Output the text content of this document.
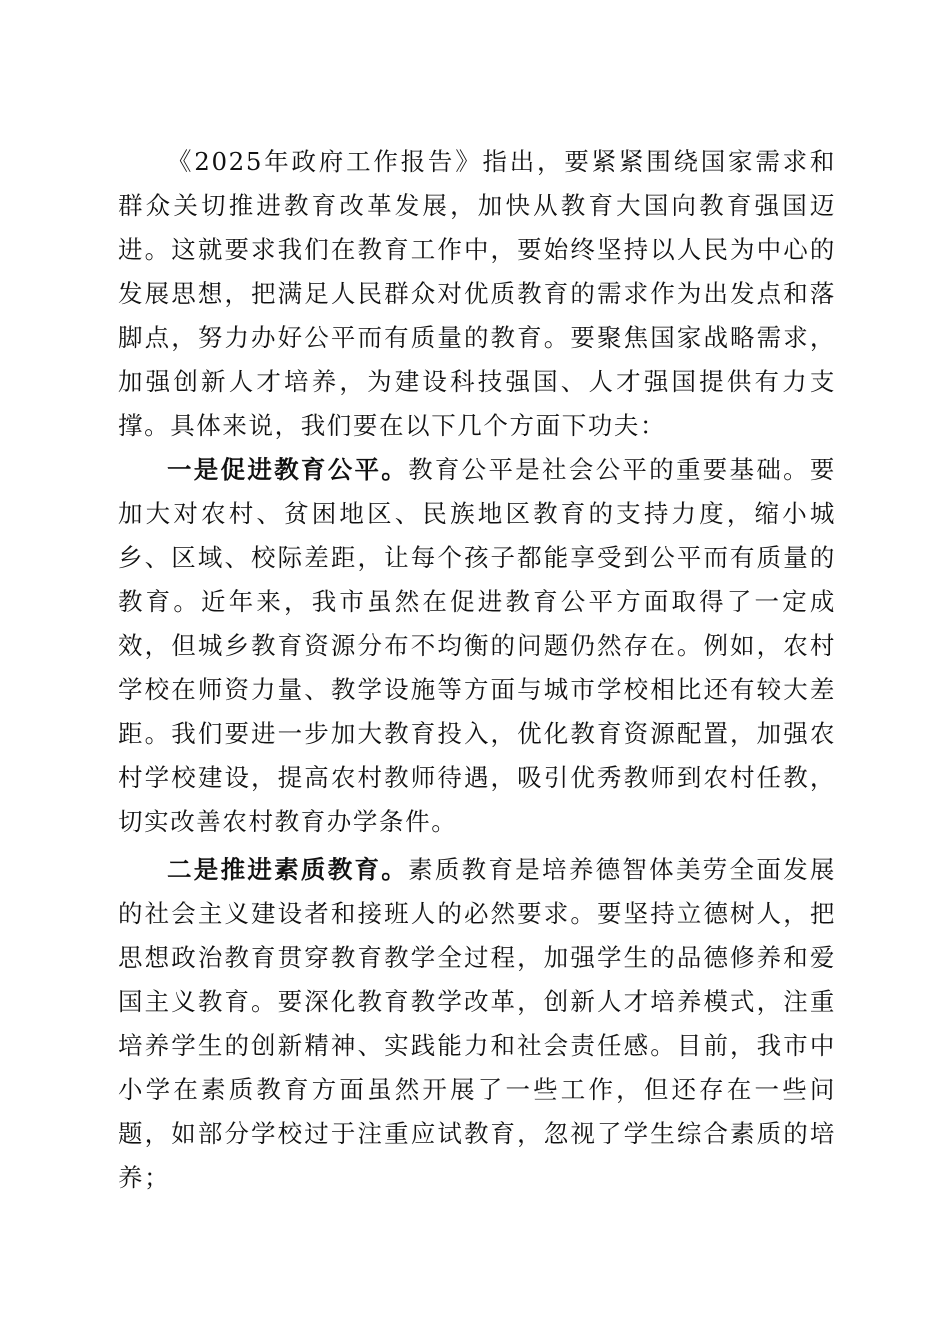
《2025年政府工作报告》指出，要紧紧围绕国家需求和群众关切推进教育改革发展，加快从教育大国向教育强国迈进。这就要求我们在教育工作中，要始终坚持以人民为中心的发展思想，把满足人民群众对优质教育的需求作为出发点和落脚点，努力办好公平而有质量的教育。要聚焦国家战略需求，加强创新人才培养，为建设科技强国、人才强国提供有力支撑。具体来说，我们要在以下几个方面下功夫：

一是促进教育公平。教育公平是社会公平的重要基础。要加大对农村、贫困地区、民族地区教育的支持力度，缩小城乡、区域、校际差距，让每个孩子都能享受到公平而有质量的教育。近年来，我市虽然在促进教育公平方面取得了一定成效，但城乡教育资源分布不均衡的问题仍然存在。例如，农村学校在师资力量、教学设施等方面与城市学校相比还有较大差距。我们要进一步加大教育投入，优化教育资源配置，加强农村学校建设，提高农村教师待遇，吸引优秀教师到农村任教，切实改善农村教育办学条件。

二是推进素质教育。素质教育是培养德智体美劳全面发展的社会主义建设者和接班人的必然要求。要坚持立德树人，把思想政治教育贯穿教育教学全过程，加强学生的品德修养和爱国主义教育。要深化教育教学改革，创新人才培养模式，注重培养学生的创新精神、实践能力和社会责任感。目前，我市中小学在素质教育方面虽然开展了一些工作，但还存在一些问题，如部分学校过于注重应试教育，忽视了学生综合素质的培养；
